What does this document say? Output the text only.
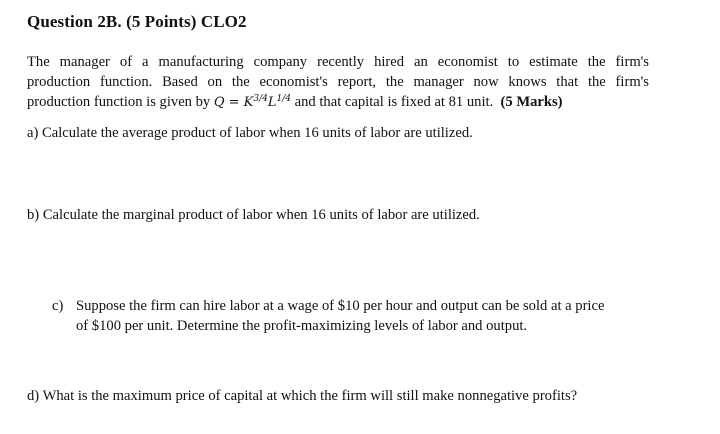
Question 2B. (5 Points) CLO2
The manager of a manufacturing company recently hired an economist to estimate the firm's
production function. Based on the economist's report, the manager now knows that the firm's
production function is given by $Q = K^{3/4}L^{1/4}$ and that capital is fixed at 81 unit. (5 Marks)
a) Calculate the average product of labor when 16 units of labor are utilized.
b) Calculate the marginal product of labor when 16 units of labor are utilized.
c) Suppose the firm can hire labor at a wage of $10 per hour and output can be sold at a price
of $100 per unit. Determine the profit-maximizing levels of labor and output.
d) What is the maximum price of capital at which the firm will still make nonnegative profits?
